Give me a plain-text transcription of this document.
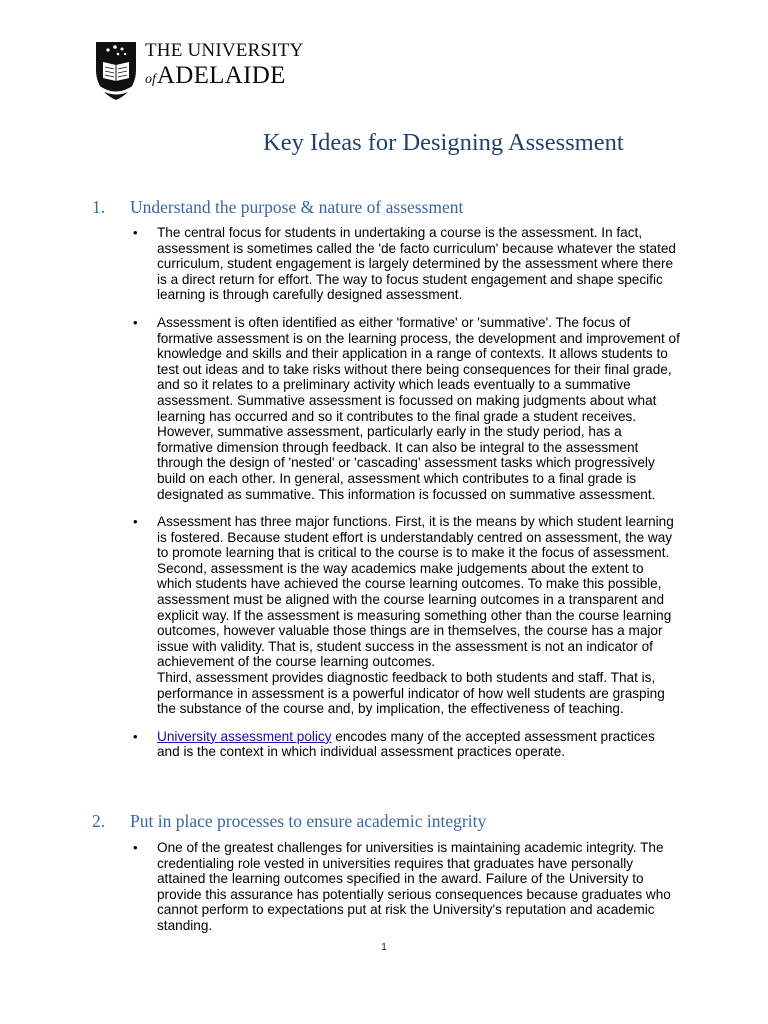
THE UNIVERSITY
of ADELAIDE
Key Ideas for Designing Assessment
1.	Understand the purpose & nature of assessment
• The central focus for students in undertaking a course is the assessment. In fact, assessment is sometimes called the 'de facto curriculum' because whatever the stated curriculum, student engagement is largely determined by the assessment where there is a direct return for effort. The way to focus student engagement and shape specific learning is through carefully designed assessment.

• Assessment is often identified as either 'formative' or 'summative'. The focus of formative assessment is on the learning process, the development and improvement of knowledge and skills and their application in a range of contexts. It allows students to test out ideas and to take risks without there being consequences for their final grade, and so it relates to a preliminary activity which leads eventually to a summative assessment. Summative assessment is focussed on making judgments about what learning has occurred and so it contributes to the final grade a student receives. However, summative assessment, particularly early in the study period, has a formative dimension through feedback. It can also be integral to the assessment through the design of 'nested' or 'cascading' assessment tasks which progressively build on each other. In general, assessment which contributes to a final grade is designated as summative. This information is focussed on summative assessment.

• Assessment has three major functions. First, it is the means by which student learning is fostered. Because student effort is understandably centred on assessment, the way to promote learning that is critical to the course is to make it the focus of assessment.

Second, assessment is the way academics make judgements about the extent to which students have achieved the course learning outcomes. To make this possible, assessment must be aligned with the course learning outcomes in a transparent and explicit way. If the assessment is measuring something other than the course learning outcomes, however valuable those things are in themselves, the course has a major issue with validity. That is, student success in the assessment is not an indicator of achievement of the course learning outcomes.

Third, assessment provides diagnostic feedback to both students and staff. That is, performance in assessment is a powerful indicator of how well students are grasping the substance of the course and, by implication, the effectiveness of teaching.

• University assessment policy encodes many of the accepted assessment practices and is the context in which individual assessment practices operate.

2.	Put in place processes to ensure academic integrity
• One of the greatest challenges for universities is maintaining academic integrity. The credentialing role vested in universities requires that graduates have personally attained the learning outcomes specified in the award. Failure of the University to provide this assurance has potentially serious consequences because graduates who cannot perform to expectations put at risk the University's reputation and academic standing.

1
